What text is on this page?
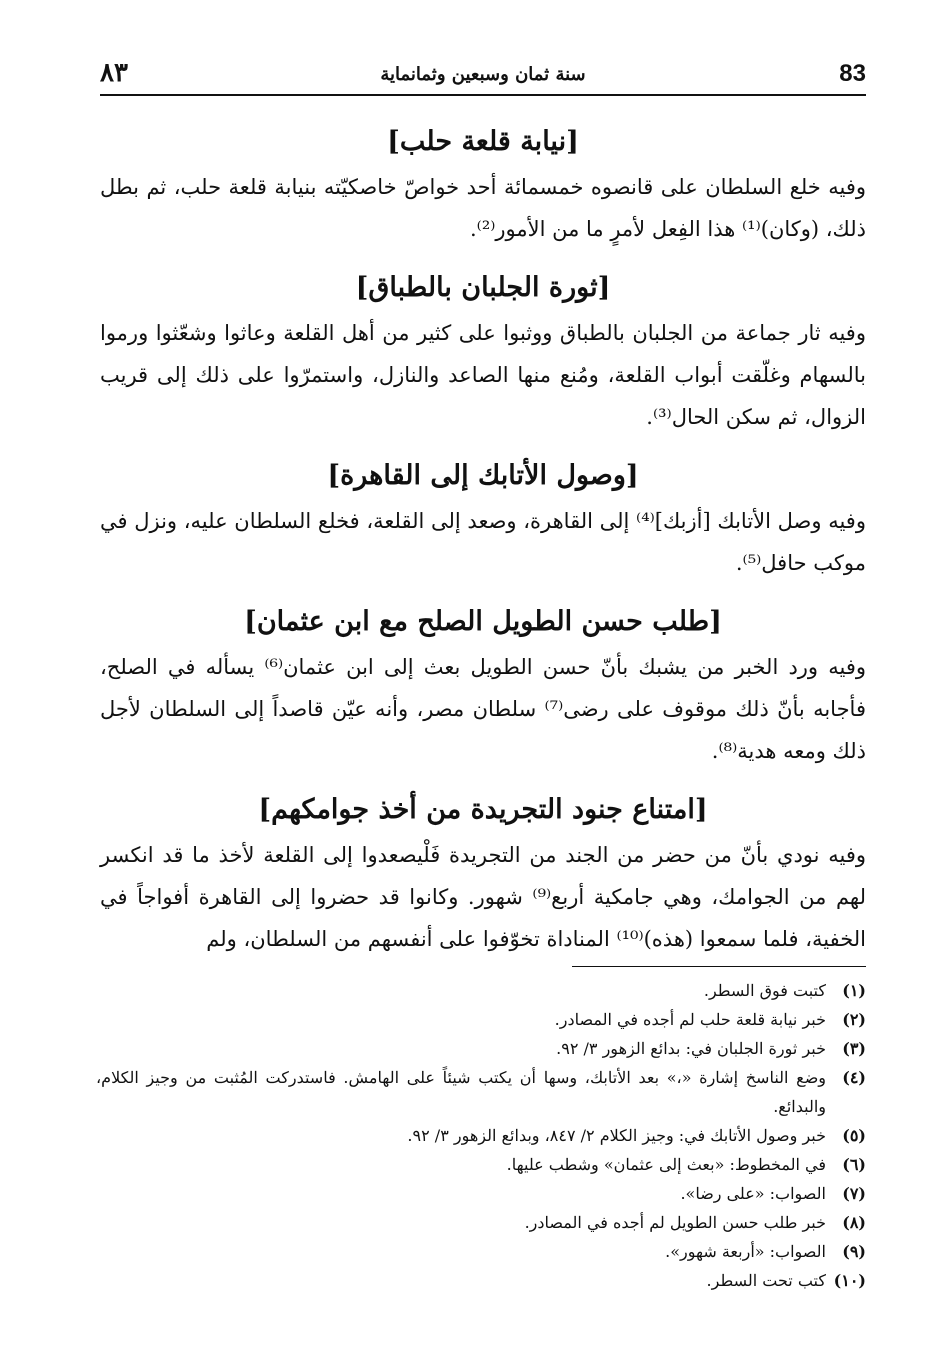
٨٣	سنة ثمان وسبعين وثمانماية	83
[نيابة قلعة حلب]
وفيه خلع السلطان على قانصوه خمسمائة أحد خواصّ خاصكيّته بنيابة قلعة حلب، ثم بطل ذلك، (وكان)⁽¹⁾ هذا الفِعل لأمرٍ ما من الأمور⁽²⁾.
[ثورة الجلبان بالطباق]
وفيه ثار جماعة من الجلبان بالطباق ووثبوا على كثير من أهل القلعة وعاثوا وشعّثوا ورموا بالسهام وغلّقت أبواب القلعة، ومُنع منها الصاعد والنازل، واستمرّوا على ذلك إلى قريب الزوال، ثم سكن الحال⁽³⁾.
[وصول الأتابك إلى القاهرة]
وفيه وصل الأتابك [أزبك]⁽⁴⁾ إلى القاهرة، وصعد إلى القلعة، فخلع السلطان عليه، ونزل في موكب حافل⁽⁵⁾.
[طلب حسن الطويل الصلح مع ابن عثمان]
وفيه ورد الخبر من يشبك بأنّ حسن الطويل بعث إلى ابن عثمان⁽⁶⁾ يسأله في الصلح، فأجابه بأنّ ذلك موقوف على رضى⁽⁷⁾ سلطان مصر، وأنه عيّن قاصداً إلى السلطان لأجل ذلك ومعه هدية⁽⁸⁾.
[امتناع جنود التجريدة من أخذ جوامكهم]
وفيه نودي بأنّ من حضر من الجند من التجريدة فَلْيصعدوا إلى القلعة لأخذ ما قد انكسر لهم من الجوامك، وهي جامكية أربع⁽⁹⁾ شهور. وكانوا قد حضروا إلى القاهرة أفواجاً في الخفية، فلما سمعوا (هذه)⁽¹⁰⁾ المناداة تخوّفوا على أنفسهم من السلطان، ولم
(١)
كتبت فوق السطر.
(٢)
خبر نيابة قلعة حلب لم أجده في المصادر.
(٣)
خبر ثورة الجلبان في: بدائع الزهور ٣/ ٩٢.
(٤)
وضع الناسخ إشارة «،» بعد الأتابك، وسها أن يكتب شيئاً على الهامش. فاستدركت المُثبت من وجيز الكلام، والبدائع.
(٥)
خبر وصول الأتابك في: وجيز الكلام ٢/ ٨٤٧، وبدائع الزهور ٣/ ٩٢.
(٦)
في المخطوط: «بعث إلى عثمان» وشطب عليها.
(٧)
الصواب: «على رضا».
(٨)
خبر طلب حسن الطويل لم أجده في المصادر.
(٩)
الصواب: «أربعة شهور».
(١٠)
كتب تحت السطر.
